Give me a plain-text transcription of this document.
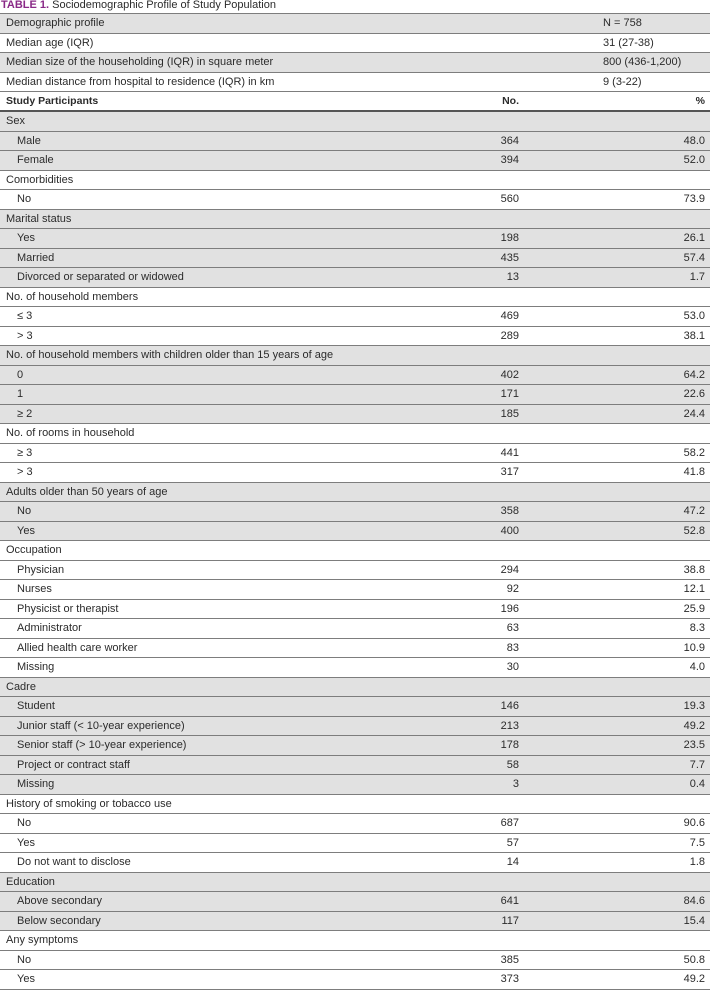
TABLE 1. Sociodemographic Profile of Study Population
Demographic profile	N = 758
Median age (IQR)	31 (27-38)
Median size of the householding (IQR) in square meter	800 (436-1,200)
Median distance from hospital to residence (IQR) in km	9 (3-22)
Study Participants	No.	%
Sex		
Male	364	48.0
Female	394	52.0
Comorbidities		
No	560	73.9
Marital status		
Yes	198	26.1
Married	435	57.4
Divorced or separated or widowed	13	1.7
No. of household members		
≤ 3	469	53.0
> 3	289	38.1
No. of household members with children older than 15 years of age		
0	402	64.2
1	171	22.6
≥ 2	185	24.4
No. of rooms in household		
≥ 3	441	58.2
> 3	317	41.8
Adults older than 50 years of age		
No	358	47.2
Yes	400	52.8
Occupation		
Physician	294	38.8
Nurses	92	12.1
Physicist or therapist	196	25.9
Administrator	63	8.3
Allied health care worker	83	10.9
Missing	30	4.0
Cadre		
Student	146	19.3
Junior staff (< 10-year experience)	213	49.2
Senior staff (> 10-year experience)	178	23.5
Project or contract staff	58	7.7
Missing	3	0.4
History of smoking or tobacco use		
No	687	90.6
Yes	57	7.5
Do not want to disclose	14	1.8
Education		
Above secondary	641	84.6
Below secondary	117	15.4
Any symptoms		
No	385	50.8
Yes	373	49.2
